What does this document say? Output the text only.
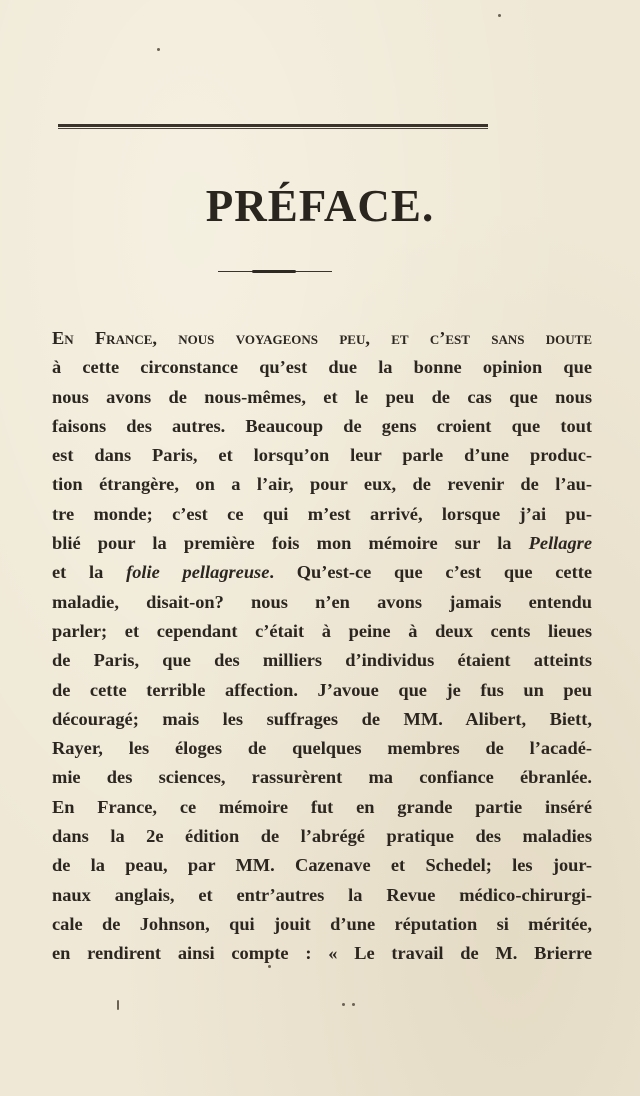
PRÉFACE.
En France, nous voyageons peu, et c’est sans doute
à cette circonstance qu’est due la bonne opinion que
nous avons de nous-mêmes, et le peu de cas que nous
faisons des autres. Beaucoup de gens croient que tout
est dans Paris, et lorsqu’on leur parle d’une produc-
tion étrangère, on a l’air, pour eux, de revenir de l’au-
tre monde; c’est ce qui m’est arrivé, lorsque j’ai pu-
blié pour la première fois mon mémoire sur la Pellagre
et la folie pellagreuse. Qu’est-ce que c’est que cette
maladie, disait-on? nous n’en avons jamais entendu
parler; et cependant c’était à peine à deux cents lieues
de Paris, que des milliers d’individus étaient atteints
de cette terrible affection. J’avoue que je fus un peu
découragé; mais les suffrages de MM. Alibert, Biett,
Rayer, les éloges de quelques membres de l’acadé-
mie des sciences, rassurèrent ma confiance ébranlée.
En France, ce mémoire fut en grande partie inséré
dans la 2e édition de l’abrégé pratique des maladies
de la peau, par MM. Cazenave et Schedel; les jour-
naux anglais, et entr’autres la Revue médico-chirurgi-
cale de Johnson, qui jouit d’une réputation si méritée,
en rendirent ainsi compte : « Le travail de M. Brierre
